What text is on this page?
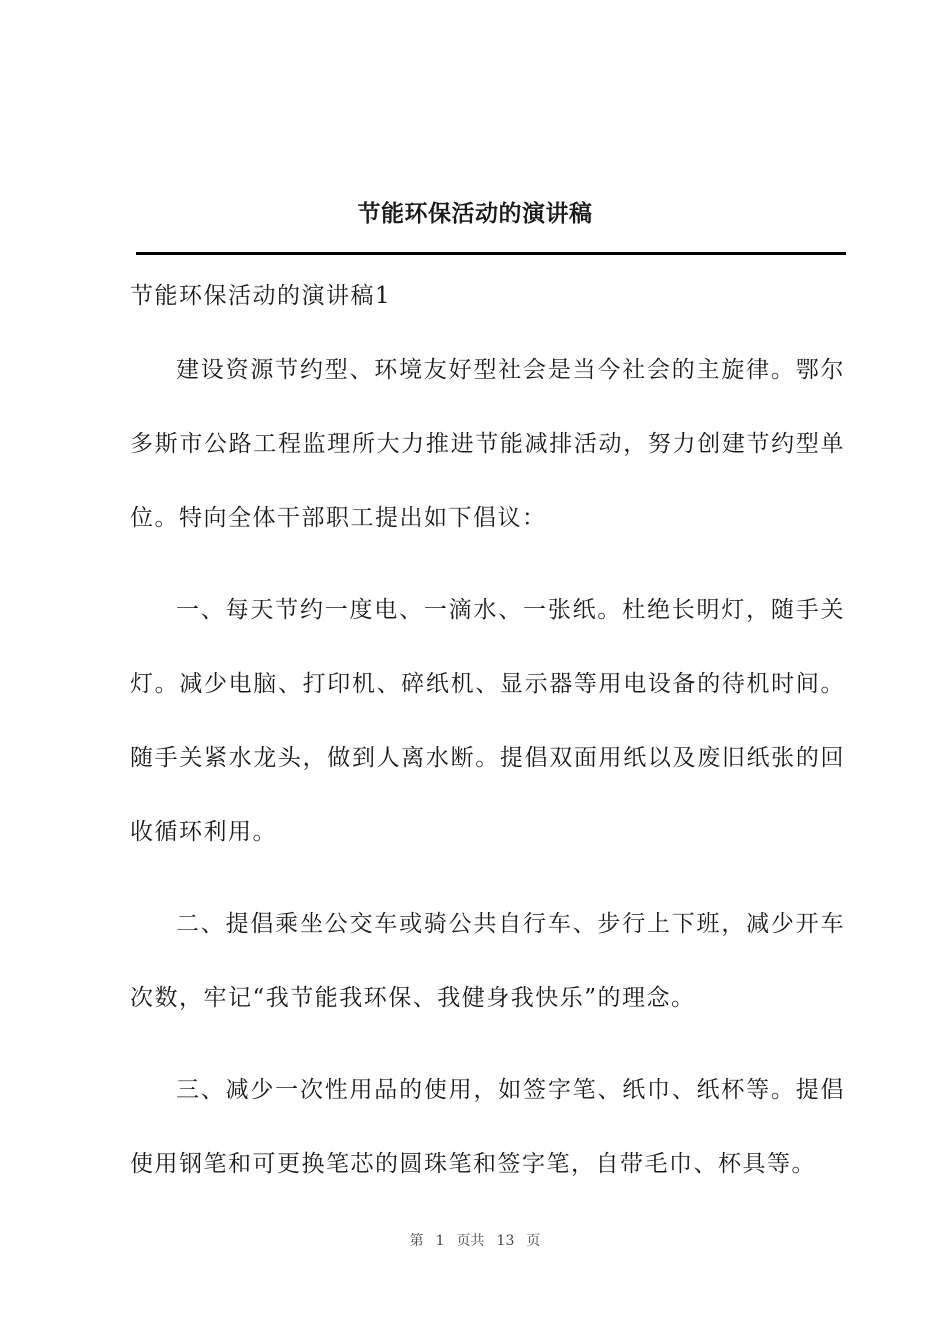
节能环保活动的演讲稿

节能环保活动的演讲稿1

建设资源节约型、环境友好型社会是当今社会的主旋律。鄂尔多斯市公路工程监理所大力推进节能减排活动，努力创建节约型单位。特向全体干部职工提出如下倡议：

一、每天节约一度电、一滴水、一张纸。杜绝长明灯，随手关灯。减少电脑、打印机、碎纸机、显示器等用电设备的待机时间。随手关紧水龙头，做到人离水断。提倡双面用纸以及废旧纸张的回收循环利用。

二、提倡乘坐公交车或骑公共自行车、步行上下班，减少开车次数，牢记“我节能我环保、我健身我快乐”的理念。

三、减少一次性用品的使用，如签字笔、纸巾、纸杯等。提倡使用钢笔和可更换笔芯的圆珠笔和签字笔，自带毛巾、杯具等。

第 1 页共 13 页
